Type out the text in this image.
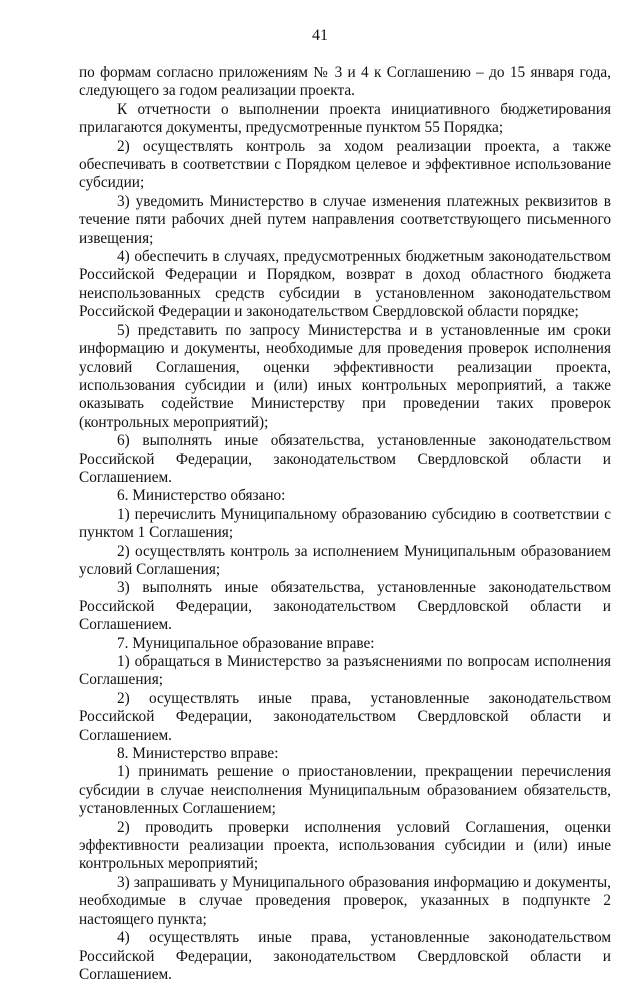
41

по формам согласно приложениям № 3 и 4 к Соглашению – до 15 января года, следующего за годом реализации проекта.

К отчетности о выполнении проекта инициативного бюджетирования прилагаются документы, предусмотренные пунктом 55 Порядка;

2) осуществлять контроль за ходом реализации проекта, а также обеспечивать в соответствии с Порядком целевое и эффективное использование субсидии;

3) уведомить Министерство в случае изменения платежных реквизитов в течение пяти рабочих дней путем направления соответствующего письменного извещения;

4) обеспечить в случаях, предусмотренных бюджетным законодательством Российской Федерации и Порядком, возврат в доход областного бюджета неиспользованных средств субсидии в установленном законодательством Российской Федерации и законодательством Свердловской области порядке;

5) представить по запросу Министерства и в установленные им сроки информацию и документы, необходимые для проведения проверок исполнения условий Соглашения, оценки эффективности реализации проекта, использования субсидии и (или) иных контрольных мероприятий, а также оказывать содействие Министерству при проведении таких проверок (контрольных мероприятий);

6) выполнять иные обязательства, установленные законодательством Российской Федерации, законодательством Свердловской области и Соглашением.

6. Министерство обязано:

1) перечислить Муниципальному образованию субсидию в соответствии с пунктом 1 Соглашения;

2) осуществлять контроль за исполнением Муниципальным образованием условий Соглашения;

3) выполнять иные обязательства, установленные законодательством Российской Федерации, законодательством Свердловской области и Соглашением.

7. Муниципальное образование вправе:

1) обращаться в Министерство за разъяснениями по вопросам исполнения Соглашения;

2) осуществлять иные права, установленные законодательством Российской Федерации, законодательством Свердловской области и Соглашением.

8. Министерство вправе:

1) принимать решение о приостановлении, прекращении перечисления субсидии в случае неисполнения Муниципальным образованием обязательств, установленных Соглашением;

2) проводить проверки исполнения условий Соглашения, оценки эффективности реализации проекта, использования субсидии и (или) иные контрольных мероприятий;

3) запрашивать у Муниципального образования информацию и документы, необходимые в случае проведения проверок, указанных в подпункте 2 настоящего пункта;

4) осуществлять иные права, установленные законодательством Российской Федерации, законодательством Свердловской области и Соглашением.
